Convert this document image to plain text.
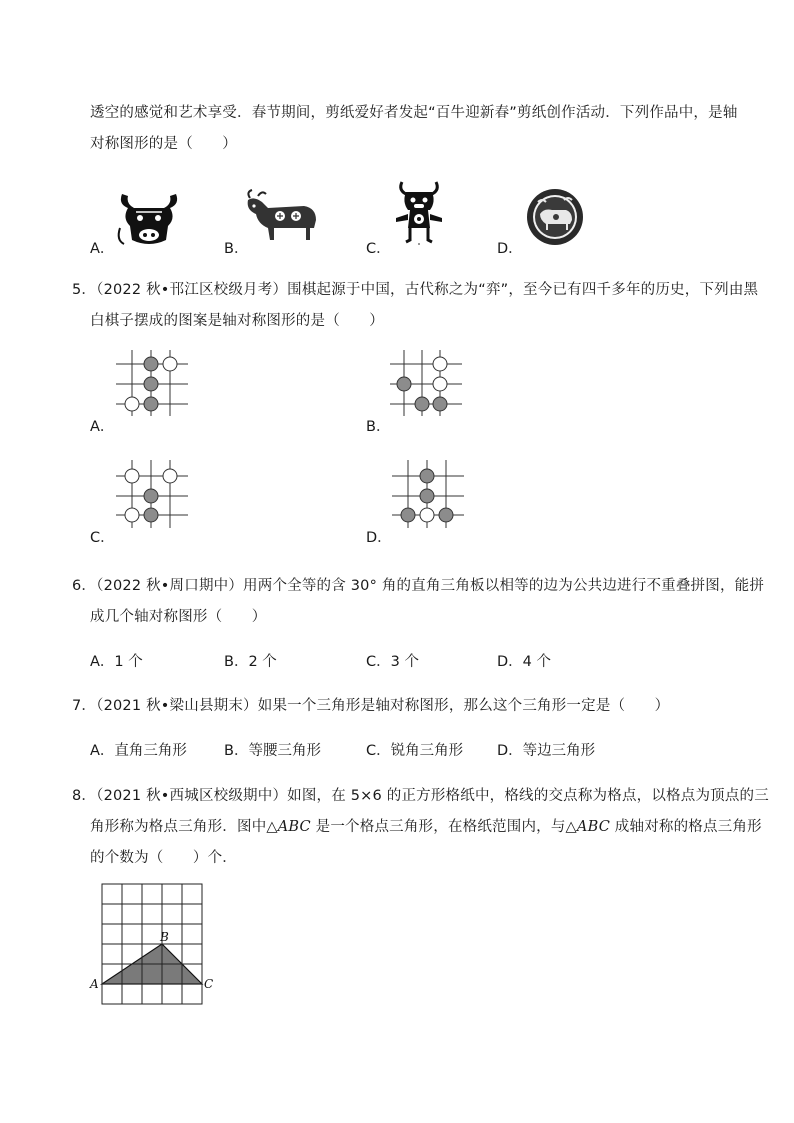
透空的感觉和艺术享受．春节期间，剪纸爱好者发起“百牛迎新春”剪纸创作活动．下列作品中，是轴
对称图形的是（　　）
A．	B．	C．	D．
5．（2022 秋•邗江区校级月考）围棋起源于中国，古代称之为“弈”，至今已有四千多年的历史，下列由黑
白棋子摆成的图案是轴对称图形的是（　　）
A．	B．
C．	D．
6．（2022 秋•周口期中）用两个全等的含 30° 角的直角三角板以相等的边为公共边进行不重叠拼图，能拼
成几个轴对称图形（　　）
A．1 个	B．2 个	C．3 个	D．4 个
7．（2021 秋•梁山县期末）如果一个三角形是轴对称图形，那么这个三角形一定是（　　）
A．直角三角形	B．等腰三角形	C．锐角三角形 D．等边三角形
8．（2021 秋•西城区校级期中）如图，在 5×6 的正方形格纸中，格线的交点称为格点，以格点为顶点的三
角形称为格点三角形．图中△ABC 是一个格点三角形，在格纸范围内，与△ABC 成轴对称的格点三角形
的个数为（　　）个．
A
B
C
